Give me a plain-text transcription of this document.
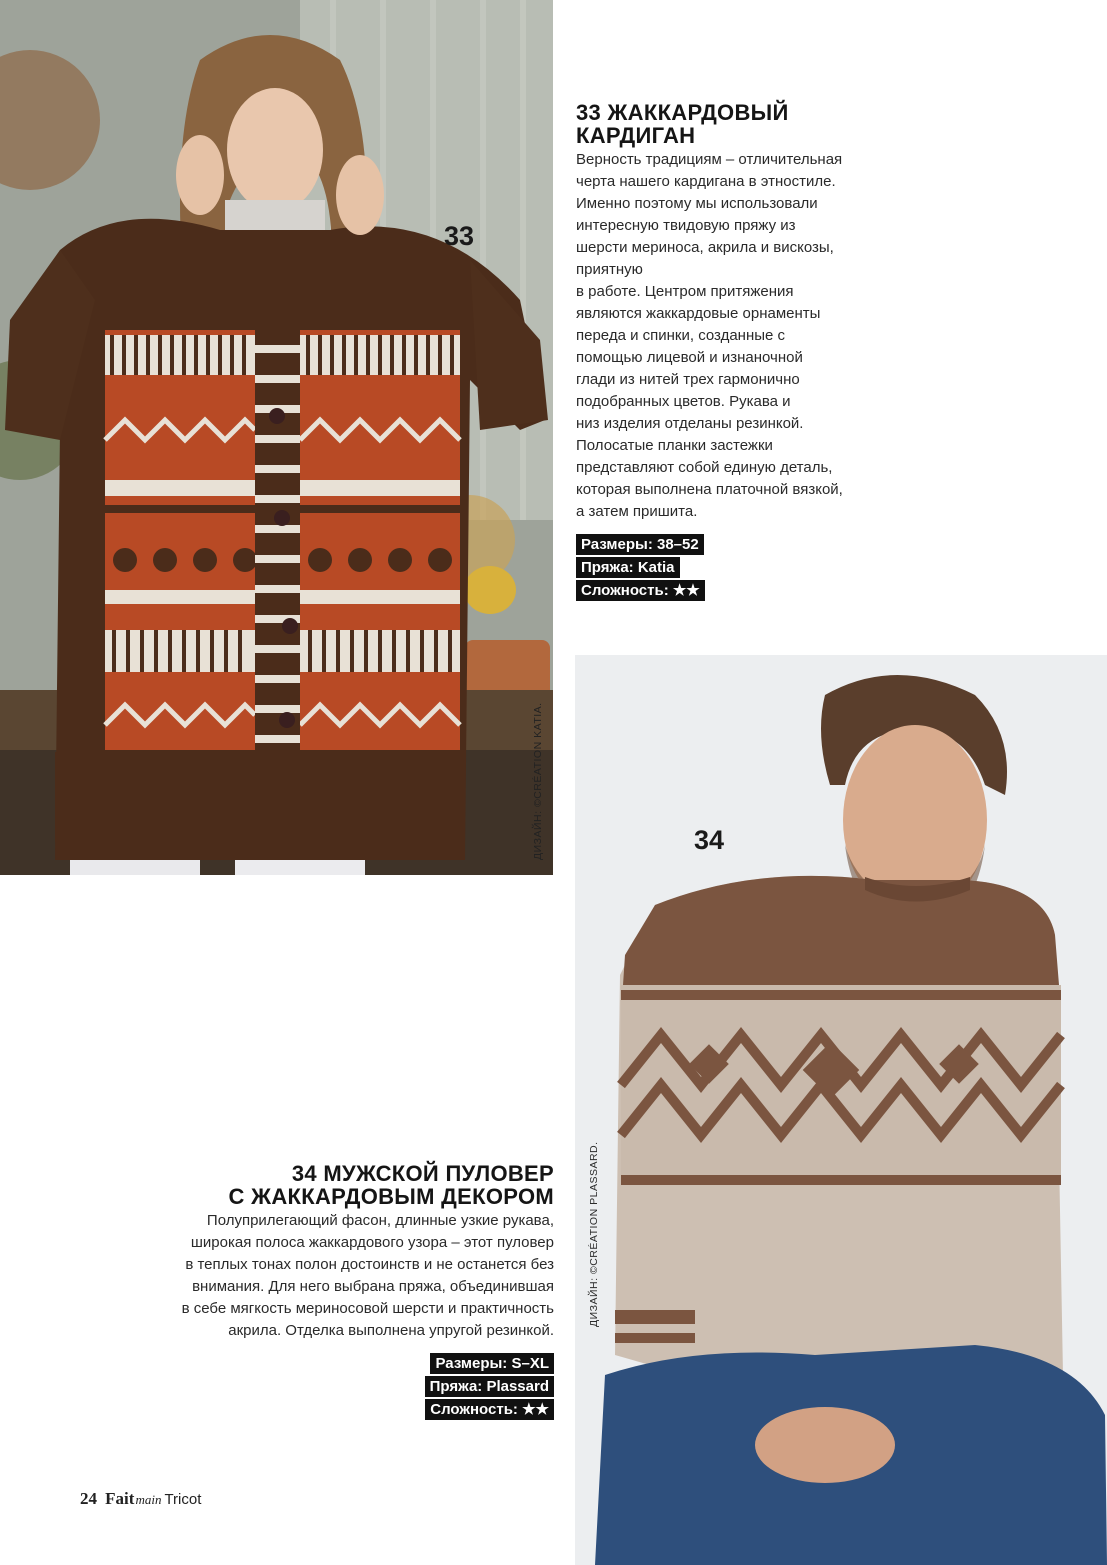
ДИЗАЙН: ©CRÉATION KATIA.
33
33 ЖАККАРДОВЫЙ КАРДИГАН
Верность традициям – отличительная
черта нашего кардигана в этностиле.
Именно поэтому мы использовали
интересную твидовую пряжу из
шерсти мериноса, акрила и вискозы,
приятную
в работе. Центром притяжения
являются жаккардовые орнаменты
переда и спинки, созданные с
помощью лицевой и изнаночной
глади из нитей трех гармонично
подобранных цветов. Рукава и
низ изделия отделаны резинкой.
Полосатые планки застежки
представляют собой единую деталь,
которая выполнена платочной вязкой,
а затем пришита.
Размеры: 38–52
Пряжа: Katia
Сложность: ★★
ДИЗАЙН: ©CRÉATION PLASSARD.
34
34 МУЖСКОЙ ПУЛОВЕР
С ЖАККАРДОВЫМ ДЕКОРОМ
Полуприлегающий фасон, длинные узкие рукава,
широкая полоса жаккардового узора – этот пуловер
в теплых тонах полон достоинств и не останется без
внимания. Для него выбрана пряжа, объединившая
в себе мягкость мериносовой шерсти и практичность
акрила. Отделка выполнена упругой резинкой.
Размеры: S–XL
Пряжа: Plassard
Сложность: ★★
24 Faitmain Tricot
